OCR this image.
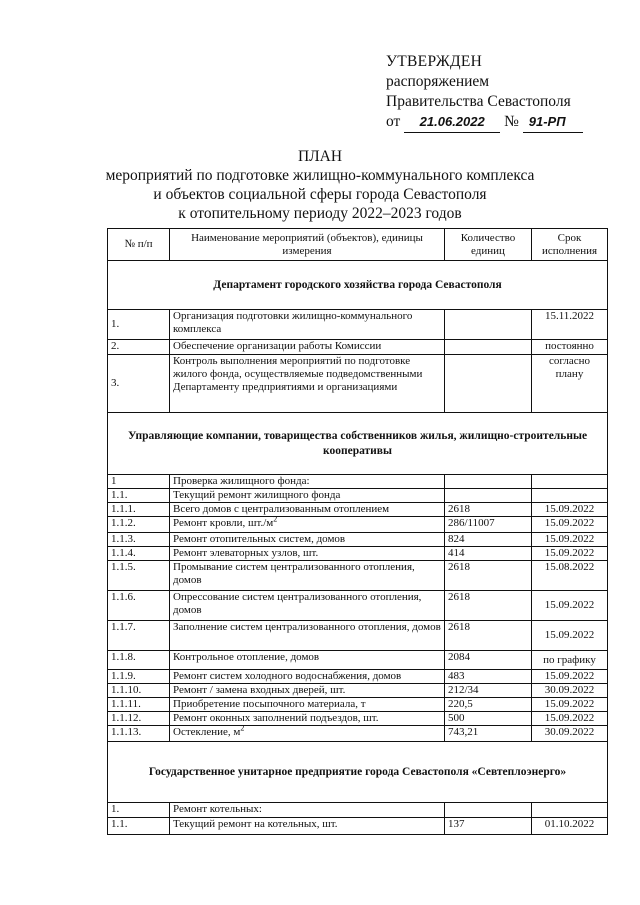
УТВЕРЖДЕН
распоряжением
Правительства Севастополя
от 21.06.2022 № 91-РП
ПЛАН
мероприятий по подготовке жилищно-коммунального комплекса
и объектов социальной сферы города Севастополя
к отопительному периоду 2022–2023 годов
№ п/п	Наименование мероприятий (объектов), единицы измерения	Количество единиц	Срок исполнения
Департамент городского хозяйства города Севастополя			
1.	Организация подготовки жилищно-коммунального комплекса		15.11.2022
2.	Обеспечение организации работы Комиссии		постоянно
3.	Контроль выполнения мероприятий по подготовке жилого фонда, осуществляемые подведомственными Департаменту предприятиями и организациями		согласно плану
Управляющие компании, товарищества собственников жилья, жилищно-строительные кооперативы			
1	Проверка жилищного фонда:		
1.1.	Текущий ремонт жилищного фонда		
1.1.1.	Всего домов с централизованным отоплением	2618	15.09.2022
1.1.2.	Ремонт кровли, $шт./м^2$	286/11007	15.09.2022
1.1.3.	Ремонт отопительных систем, домов	824	15.09.2022
1.1.4.	Ремонт элеваторных узлов, шт.	414	15.09.2022
1.1.5.	Промывание систем централизованного отопления, домов	2618	15.08.2022
1.1.6.	Опрессование систем централизованного отопления, домов	2618	15.09.2022
1.1.7.	Заполнение систем централизованного отопления, домов	2618	15.09.2022
1.1.8.	Контрольное отопление, домов	2084	по графику
1.1.9.	Ремонт систем холодного водоснабжения, домов	483	15.09.2022
1.1.10.	Ремонт / замена входных дверей, шт.	212/34	30.09.2022
1.1.11.	Приобретение посыпочного материала, т	220,5	15.09.2022
1.1.12.	Ремонт оконных заполнений подъездов, шт.	500	15.09.2022
1.1.13.	Остекление, $м^2$	743,21	30.09.2022
Государственное унитарное предприятие города Севастополя «Севтеплоэнерго»			
1.	Ремонт котельных:		
1.1.	Текущий ремонт на котельных, шт.	137	01.10.2022
